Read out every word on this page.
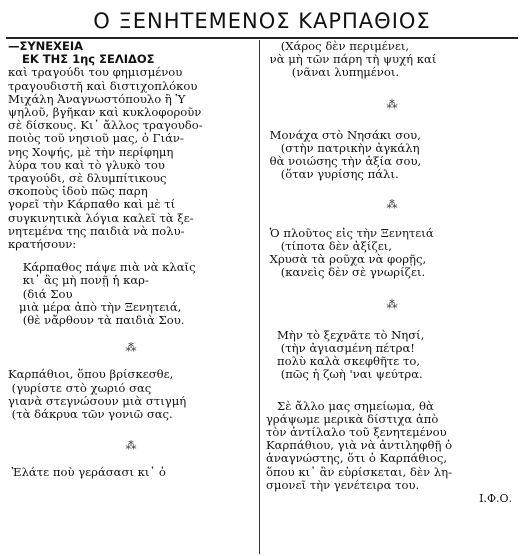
Ο ΞΕΝΗΤΕΜΕΝΟΣ ΚΑΡΠΑΘΙΟΣ
—ΣΥΝΕΧΕΙΑ
ΕΚ ΤΗΣ 1ης ΣΕΛΙΔΟΣ
καὶ τραγούδι του φημισμένου
τραγουδιστῆ καὶ διστιχοπλόκου
Μιχάλη Ἀναγνωστόπουλο ἢ Ὑ
ψηλοῦ, βγῆκαν καὶ κυκλοφοροῦν
σὲ δίσκους. Κι᾿ ἄλλος τραγουδο-
ποιὸς τοῦ νησιοῦ μας, ὁ Γιάν-
νης Χοψής, μὲ τὴν περίφημη
λύρα του καὶ τὸ γλυκὸ του
τραγούδι, σὲ δλυμπίτικους
σκοποὺς ἰδοὺ πῶς παρη
γορεῖ τὴν Κάρπαθο καὶ μὲ τί
συγκινητικὰ λόγια καλεῖ τὰ ξε-
νητεμένα της παιδιὰ νὰ πολυ-
κρατήσουν:
Κάρπαθος πάψε πιὰ νὰ κλαῖς
κι᾿ ἂς μὴ πονῇ ἡ καρ-
(διά Σου
μιὰ μέρα ἀπὸ τὴν Ξενητειά,
(θὲ νἄρθουν τὰ παιδιὰ Σου.
⁂
Καρπάθιοι, ὅπου βρίσκεσθε,
(γυρίστε στὸ χωριό σας
γιανὰ στεγνώσουν μιὰ στιγμή
(τὰ δάκρυα τῶν γονιῶ σας.
⁂
Ἐλάτε ποὺ γεράσασι κι᾿ ὁ
(Χάρος δὲν περιμένει,
νὰ μὴ τῶν πάρη τὴ ψυχή καί
(νᾶναι λυπημένοι.
⁂
Μονάχα στὸ Νησάκι σου,
(στὴν πατρικὴν ἀγκάλη
θὰ νοιώσης τὴν ἀξία σου,
(ὅταν γυρίσης πάλι.
⁂
Ὁ πλοῦτος εἰς τὴν Ξενητειά
(τίποτα δὲν ἀξίζει,
Χρυσὰ τὰ ροῦχα νὰ φορῇς,
(κανεὶς δὲν σὲ γνωρίζει.
⁂
Μὴν τὸ ξεχνᾶτε τὸ Νησί,
(τὴν ἁγιασμένη πέτρα!
πολὺ καλὰ σκεφθῆτε το,
(πῶς ἡ ζωὴ 'ναι ψεύτρα.
Σὲ ἄλλο μας σημείωμα, θὰ
γράψωμε μερικὰ δίστιχα ἀπὸ
τὸν ἀντίλαλο τοῦ ξενητεμένου
Καρπάθιου, γιὰ νὰ ἀντιληφθῇ ὁ
ἀναγνώστης, ὅτι ὁ Καρπάθιος,
ὅπου κι᾿ ἂν εὑρίσκεται, δὲν λη-
σμονεῖ τὴν γενέτειρα του.
Ι.Φ.Ο.
